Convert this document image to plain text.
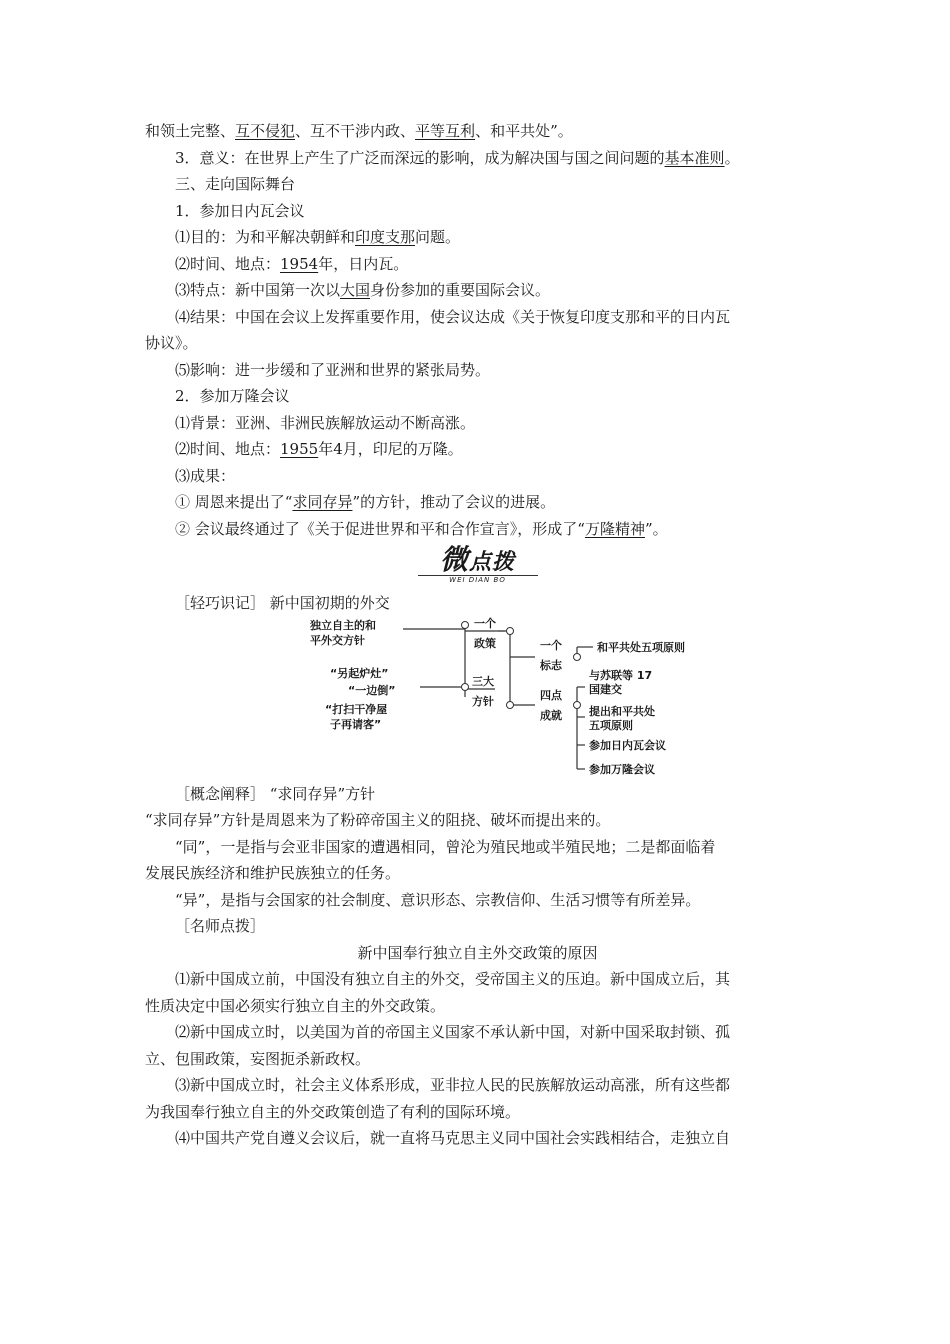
和领土完整、互不侵犯、互不干涉内政、平等互利、和平共处”。
3．意义：在世界上产生了广泛而深远的影响，成为解决国与国之间问题的基本准则。
三、走向国际舞台
1．参加日内瓦会议
⑴目的：为和平解决朝鲜和印度支那问题。
⑵时间、地点：1954年，日内瓦。
⑶特点：新中国第一次以大国身份参加的重要国际会议。
⑷结果：中国在会议上发挥重要作用，使会议达成《关于恢复印度支那和平的日内瓦
协议》。
⑸影响：进一步缓和了亚洲和世界的紧张局势。
2．参加万隆会议
⑴背景：亚洲、非洲民族解放运动不断高涨。
⑵时间、地点：1955年4月，印尼的万隆。
⑶成果：
① 周恩来提出了“求同存异”的方针，推动了会议的进展。
② 会议最终通过了《关于促进世界和平和合作宣言》，形成了“万隆精神”。
微点拨
WEI DIAN BO
［轻巧识记］ 新中国初期的外交
独立自主的和
平外交方针
“另起炉灶”
“一边倒”
“打扫干净屋
子再请客”
一个
政策
三大
方针
一个
标志
和平共处五项原则
四点
成就
与苏联等 17
国建交
提出和平共处
五项原则
参加日内瓦会议
参加万隆会议
［概念阐释］ “求同存异”方针
“求同存异”方针是周恩来为了粉碎帝国主义的阻挠、破坏而提出来的。
“同”，一是指与会亚非国家的遭遇相同，曾沦为殖民地或半殖民地；二是都面临着
发展民族经济和维护民族独立的任务。
“异”，是指与会国家的社会制度、意识形态、宗教信仰、生活习惯等有所差异。
［名师点拨］
新中国奉行独立自主外交政策的原因
⑴新中国成立前，中国没有独立自主的外交，受帝国主义的压迫。新中国成立后，其
性质决定中国必须实行独立自主的外交政策。
⑵新中国成立时，以美国为首的帝国主义国家不承认新中国，对新中国采取封锁、孤
立、包围政策，妄图扼杀新政权。
⑶新中国成立时，社会主义体系形成，亚非拉人民的民族解放运动高涨，所有这些都
为我国奉行独立自主的外交政策创造了有利的国际环境。
⑷中国共产党自遵义会议后，就一直将马克思主义同中国社会实践相结合，走独立自
